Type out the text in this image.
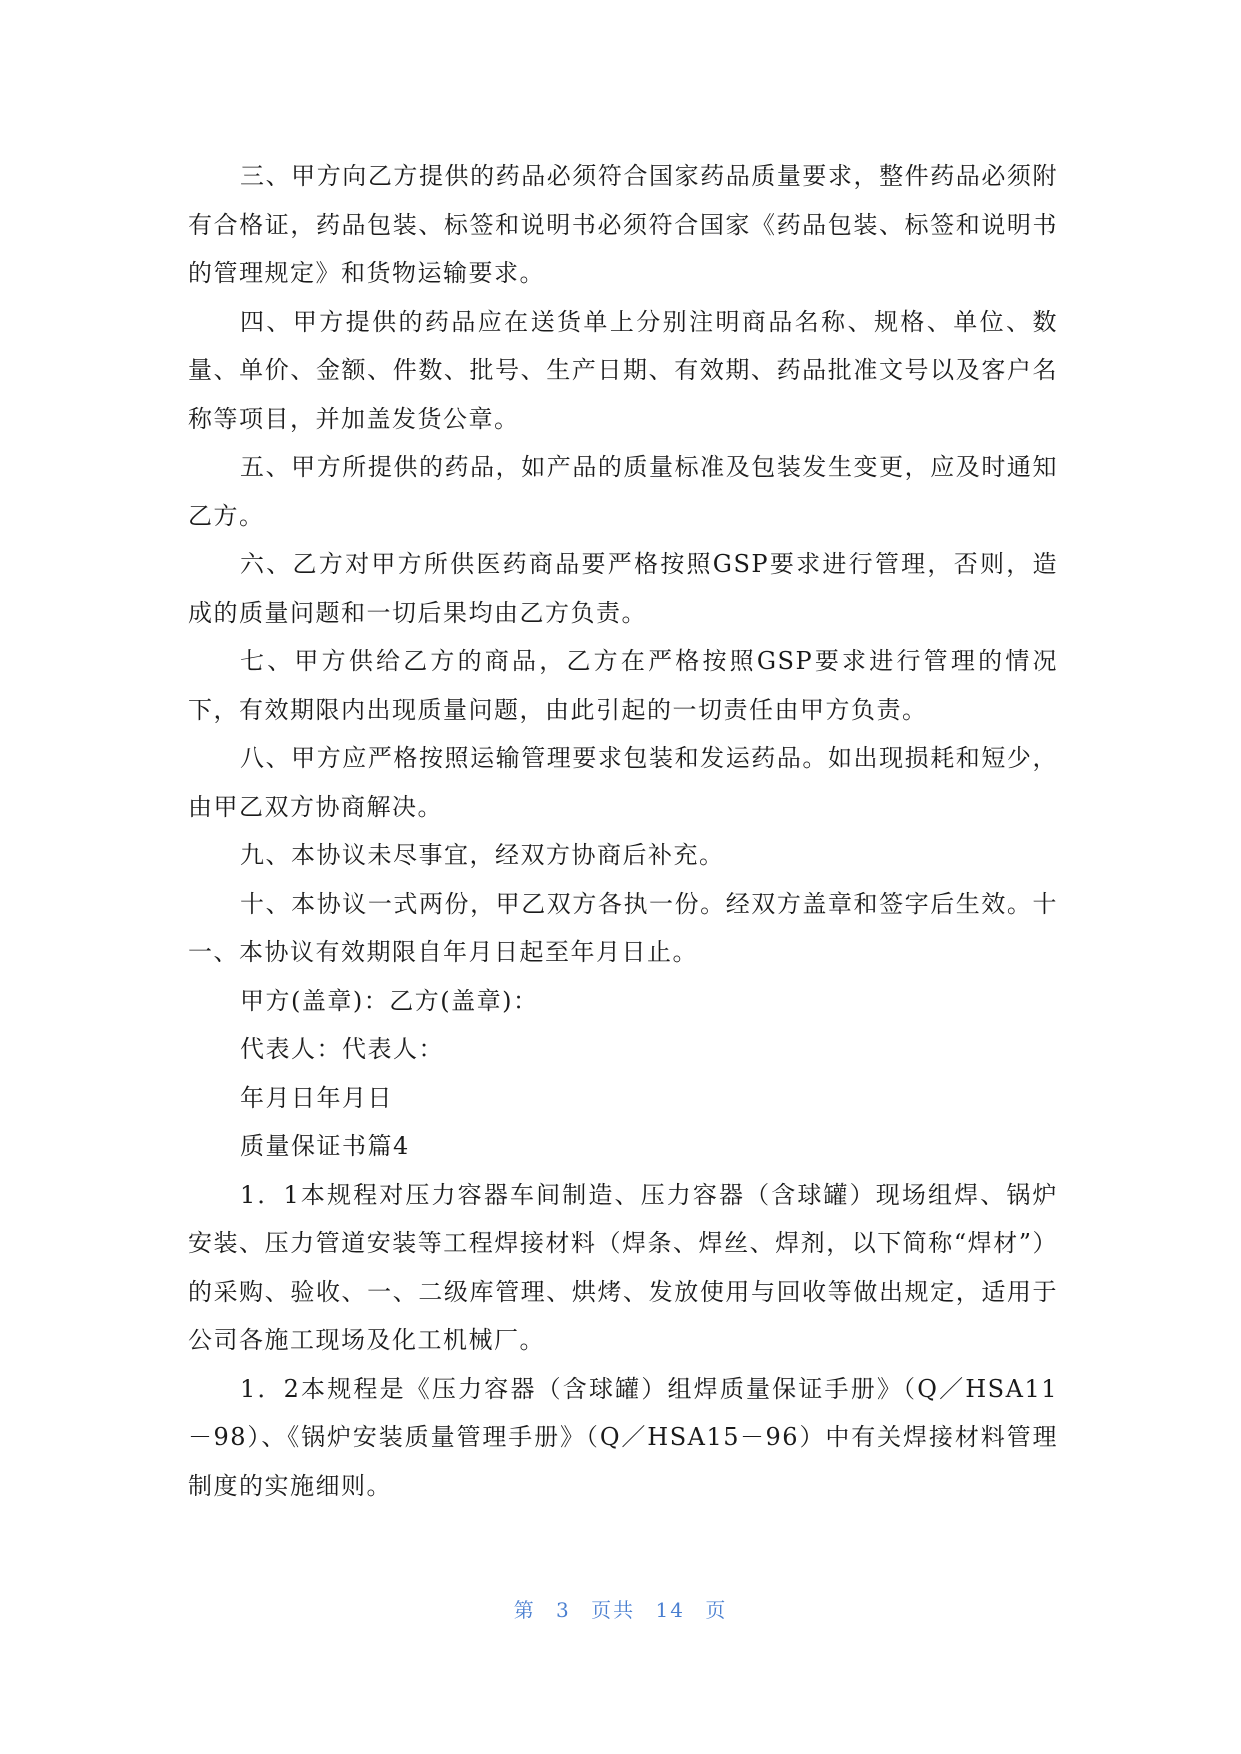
三、甲方向乙方提供的药品必须符合国家药品质量要求，整件药品必须附有合格证，药品包装、标签和说明书必须符合国家《药品包装、标签和说明书的管理规定》和货物运输要求。

四、甲方提供的药品应在送货单上分别注明商品名称、规格、单位、数量、单价、金额、件数、批号、生产日期、有效期、药品批准文号以及客户名称等项目，并加盖发货公章。

五、甲方所提供的药品，如产品的质量标准及包装发生变更，应及时通知乙方。

六、乙方对甲方所供医药商品要严格按照GSP要求进行管理，否则，造成的质量问题和一切后果均由乙方负责。

七、甲方供给乙方的商品，乙方在严格按照GSP要求进行管理的情况下，有效期限内出现质量问题，由此引起的一切责任由甲方负责。

八、甲方应严格按照运输管理要求包装和发运药品。如出现损耗和短少，由甲乙双方协商解决。

九、本协议未尽事宜，经双方协商后补充。

十、本协议一式两份，甲乙双方各执一份。经双方盖章和签字后生效。十一、本协议有效期限自年月日起至年月日止。

甲方(盖章)：乙方(盖章)：

代表人：代表人：

年月日年月日

质量保证书篇4

1．1本规程对压力容器车间制造、压力容器（含球罐）现场组焊、锅炉安装、压力管道安装等工程焊接材料（焊条、焊丝、焊剂，以下简称“焊材”）的采购、验收、一、二级库管理、烘烤、发放使用与回收等做出规定，适用于公司各施工现场及化工机械厂。

1．2本规程是《压力容器（含球罐）组焊质量保证手册》（Q／HSA11－98）、《锅炉安装质量管理手册》（Q／HSA15－96）中有关焊接材料管理制度的实施细则。

第 3 页共 14 页
